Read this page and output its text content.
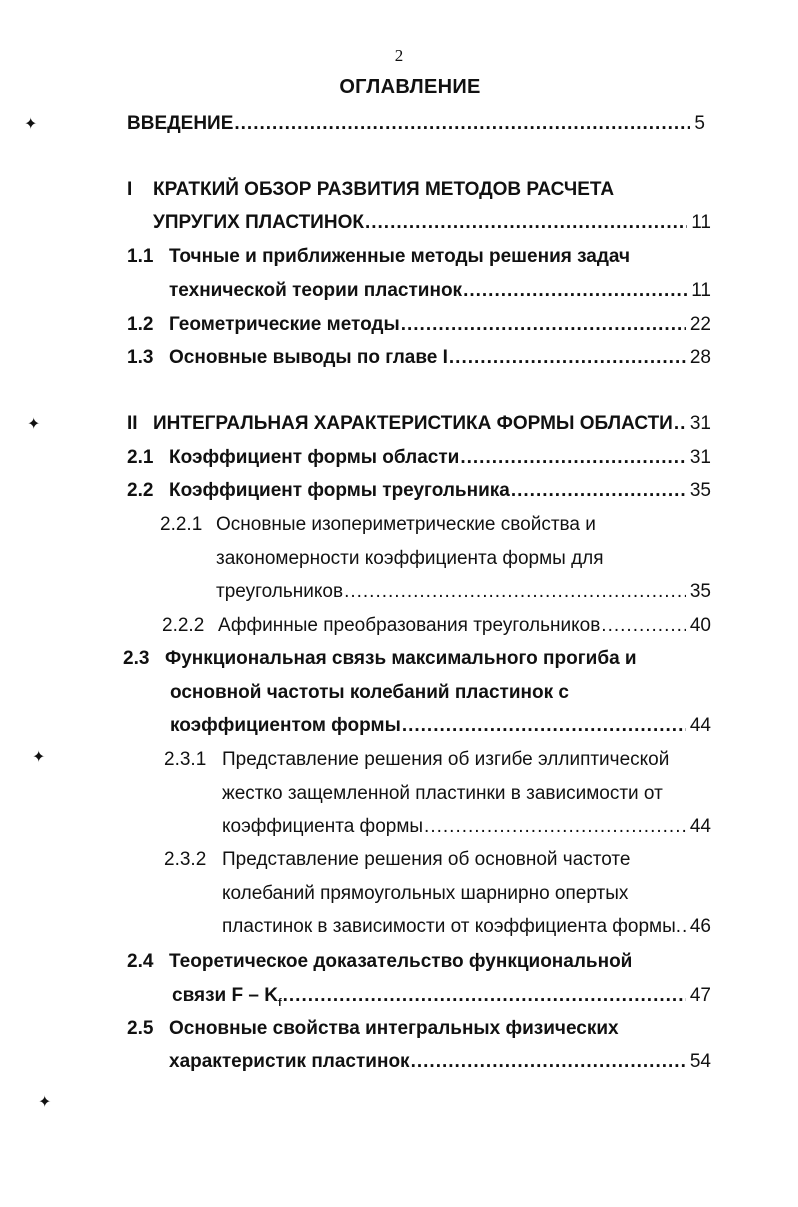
2
ОГЛАВЛЕНИЕ
✦
✦
✦
✦
ВВЕДЕНИЕ .....	5
I	КРАТКИЙ ОБЗОР РАЗВИТИЯ МЕТОДОВ РАСЧЕТА
УПРУГИХ ПЛАСТИНОК .....	11
1.1 Точные и приближенные методы решения задач
технической теории пластинок .....	11
1.2 Геометрические методы .....	22
1.3 Основные выводы по главе I .....	28
II ИНТЕГРАЛЬНАЯ ХАРАКТЕРИСТИКА ФОРМЫ ОБЛАСТИ ..... 31
2.1 Коэффициент формы области .....	31
2.2 Коэффициент формы треугольника .....	35
2.2.1 Основные изопериметрические свойства и
закономерности коэффициента формы для
треугольников .....	35
2.2.2 Аффинные преобразования треугольников .....	40
2.3 Функциональная связь максимального прогиба и
основной частоты колебаний пластинок с
коэффициентом формы .....	44
2.3.1 Представление решения об изгибе эллиптической
жестко защемленной пластинки в зависимости от
коэффициента формы .....	44
2.3.2 Представление решения об основной частоте
колебаний прямоугольных шарнирно опертых
пластинок в зависимости от коэффициента формы ..... 46
2.4 Теоретическое доказательство функциональной
связи F – $K_f$ .....	47
2.5 Основные свойства интегральных физических
характеристик пластинок .....	54
